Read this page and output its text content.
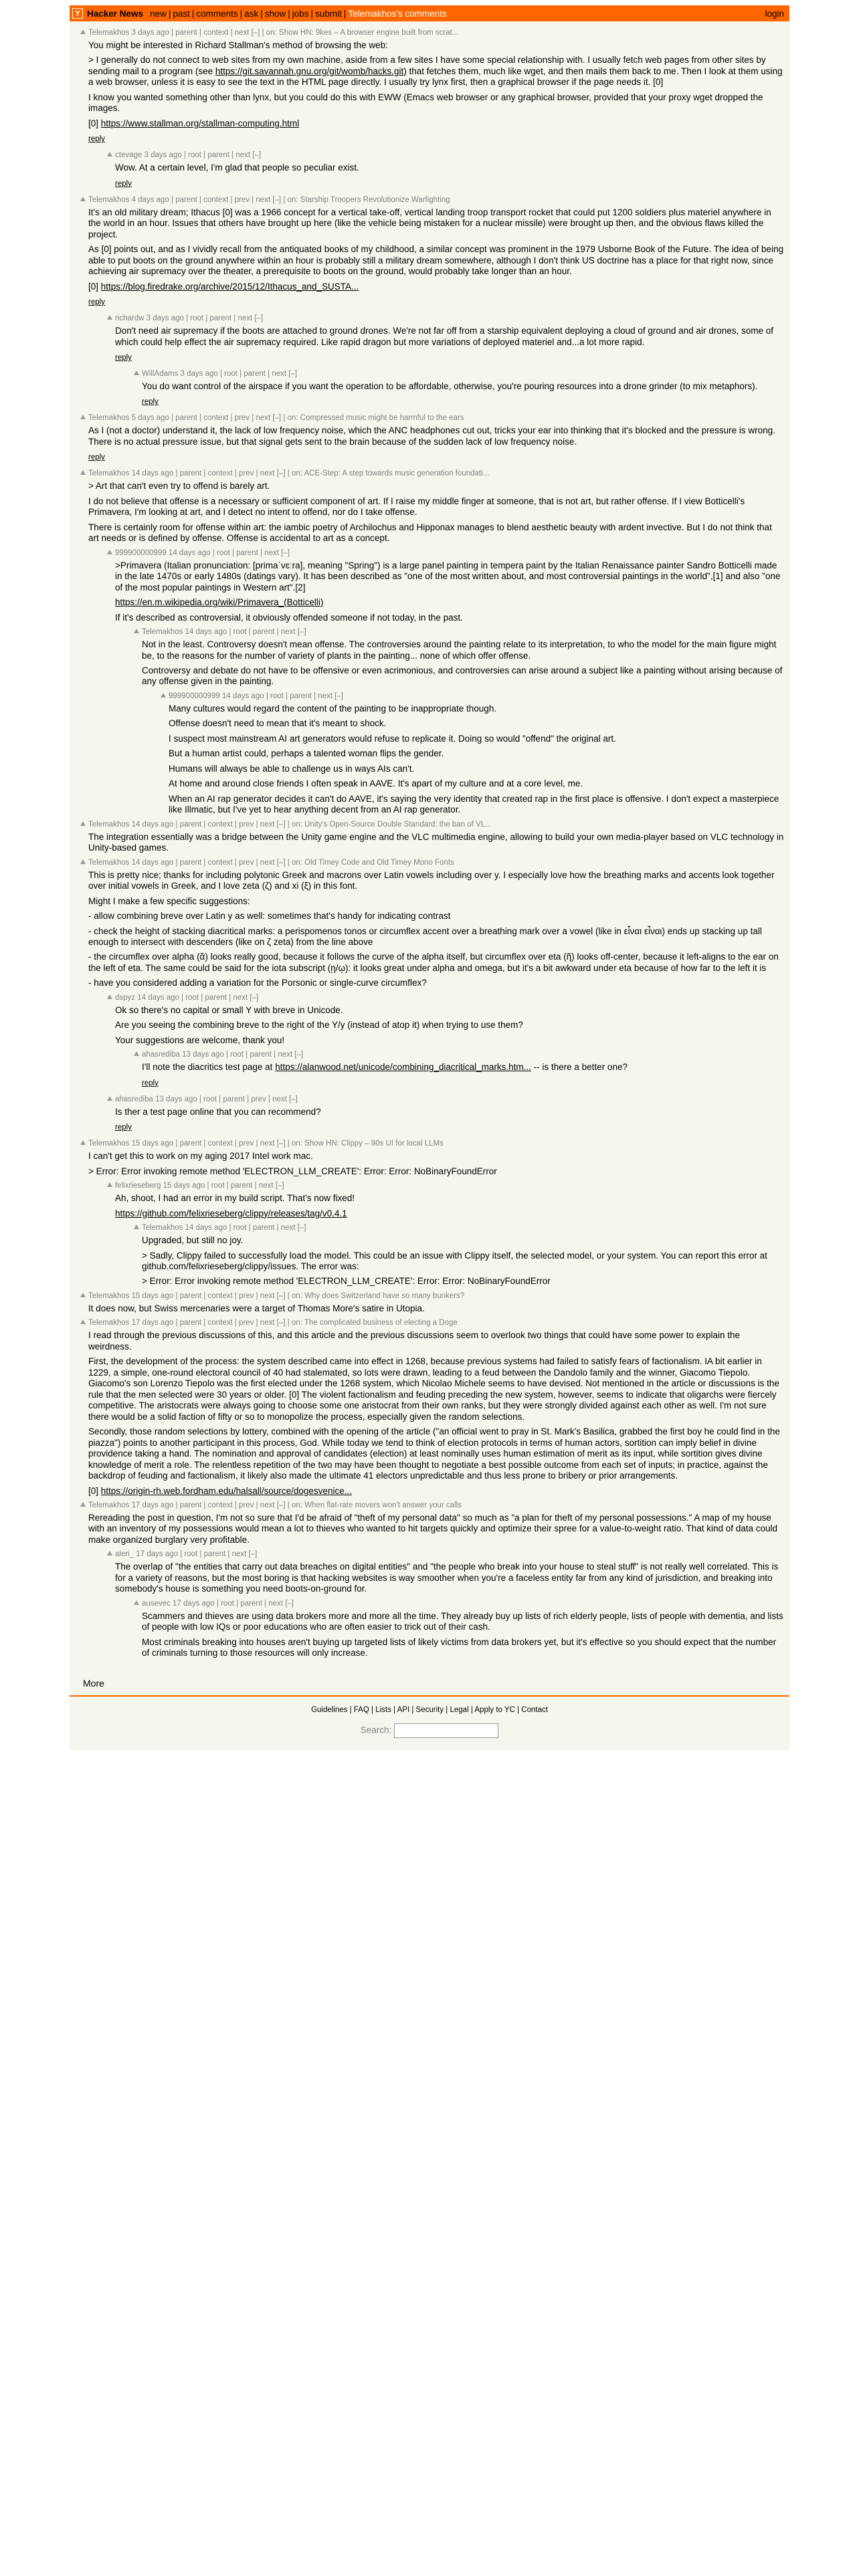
Y Hacker News new | past | comments | ask | show | jobs | submit | Telemakhos's comments	login
Telemakhos 3 days ago | parent | context | next [–] | on: Show HN: 9kes – A browser engine built from scrat...

You might be interested in Richard Stallman's method of browsing the web:

> I generally do not connect to web sites from my own machine, aside from a few sites I have some special relationship with. I usually fetch web pages from other sites by sending mail to a program (see https://git.savannah.gnu.org/git/womb/hacks.git) that fetches them, much like wget, and then mails them back to me. Then I look at them using a web browser, unless it is easy to see the text in the HTML page directly. I usually try lynx first, then a graphical browser if the page needs it. [0]

I know you wanted something other than lynx, but you could do this with EWW (Emacs web browser or any graphical browser, provided that your proxy wget dropped the images.

[0] https://www.stallman.org/stallman-computing.html

reply
ctevage 3 days ago | root | parent | next [–]

Wow. At a certain level, I'm glad that people so peculiar exist.

reply
Telemakhos 4 days ago | parent | context | prev | next [–] | on: Starship Troopers Revolutionize Warfighting

It's an old military dream; Ithacus [0] was a 1966 concept for a vertical take-off, vertical landing troop transport rocket that could put 1200 soldiers plus materiel anywhere in the world in an hour. Issues that others have brought up here (like the vehicle being mistaken for a nuclear missile) were brought up then, and the obvious flaws killed the project.

As [0] points out, and as I vividly recall from the antiquated books of my childhood, a similar concept was prominent in the 1979 Usborne Book of the Future. The idea of being able to put boots on the ground anywhere within an hour is probably still a military dream somewhere, although I don't think US doctrine has a place for that right now, since achieving air supremacy over the theater, a prerequisite to boots on the ground, would probably take longer than an hour.

[0] https://blog.firedrake.org/archive/2015/12/Ithacus_and_SUSTA...

reply
richardw 3 days ago | root | parent | next [–]

Don't need air supremacy if the boots are attached to ground drones. We're not far off from a starship equivalent deploying a cloud of ground and air drones, some of which could help effect the air supremacy required. Like rapid dragon but more variations of deployed materiel and...a lot more rapid.

reply
WillAdams 3 days ago | root | parent | next [–]

You do want control of the airspace if you want the operation to be affordable, otherwise, you're pouring resources into a drone grinder (to mix metaphors).

reply
Telemakhos 5 days ago | parent | context | prev | next [–] | on: Compressed music might be harmful to the ears

As I (not a doctor) understand it, the lack of low frequency noise, which the ANC headphones cut out, tricks your ear into thinking that it's blocked and the pressure is wrong. There is no actual pressure issue, but that signal gets sent to the brain because of the sudden lack of low frequency noise.

reply
Telemakhos 14 days ago | parent | context | prev | next [–] | on: ACE-Step: A step towards music generation foundati...

> Art that can't even try to offend is barely art.

I do not believe that offense is a necessary or sufficient component of art. If I raise my middle finger at someone, that is not art, but rather offense. If I view Botticelli's Primavera, I'm looking at art, and I detect no intent to offend, nor do I take offense.

There is certainly room for offense within art: the iambic poetry of Archilochus and Hipponax manages to blend aesthetic beauty with ardent invective. But I do not think that art needs or is defined by offense. Offense is accidental to art as a concept.

999900000999 14 days ago | root | parent | next [–]

>Primavera (Italian pronunciation: [primaˈvɛːra], meaning "Spring") is a large panel painting in tempera paint by the Italian Renaissance painter Sandro Botticelli made in the late 1470s or early 1480s (datings vary). It has been described as "one of the most written about, and most controversial paintings in the world",[1] and also "one of the most popular paintings in Western art".[2]

https://en.m.wikipedia.org/wiki/Primavera_(Botticelli)

If it's described as controversial, it obviously offended someone if not today, in the past.

Telemakhos 14 days ago | root | parent | next [–]

Not in the least. Controversy doesn't mean offense. The controversies around the painting relate to its interpretation, to who the model for the main figure might be, to the reasons for the number of variety of plants in the painting... none of which offer offense.

Controversy and debate do not have to be offensive or even acrimonious, and controversies can arise around a subject like a painting without arising because of any offense given in the painting.

999900000999 14 days ago | root | parent | next [–]

Many cultures would regard the content of the painting to be inappropriate though.

Offense doesn't need to mean that it's meant to shock.

I suspect most mainstream AI art generators would refuse to replicate it. Doing so would "offend" the original art.

But a human artist could, perhaps a talented woman flips the gender.

Humans will always be able to challenge us in ways AIs can't.

At home and around close friends I often speak in AAVE. It's apart of my culture and at a core level, me.

When an AI rap generator decides it can't do AAVE, it's saying the very identity that created rap in the first place is offensive. I don't expect a masterpiece like Illmatic, but I've yet to hear anything decent from an AI rap generator.

Telemakhos 14 days ago | parent | context | prev | next [–] | on: Unity's Open-Source Double Standard: the ban of VL...

The integration essentially was a bridge between the Unity game engine and the VLC multimedia engine, allowing to build your own media-player based on VLC technology in Unity-based games.

Telemakhos 14 days ago | parent | context | prev | next [–] | on: Old Timey Code and Old Timey Mono Fonts

This is pretty nice; thanks for including polytonic Greek and macrons over Latin vowels including over y. I especially love how the breathing marks and accents look together over initial vowels in Greek, and I love zeta (ζ) and xi (ξ) in this font.

Might I make a few specific suggestions:

- allow combining breve over Latin y as well: sometimes that's handy for indicating contrast

- check the height of stacking diacritical marks: a perispomenos tonos or circumflex accent over a breathing mark over a vowel (like in εἶναι εἶναι) ends up stacking up tall enough to intersect with descenders (like on ζ zeta) from the line above

- the circumflex over alpha (ᾶ) looks really good, because it follows the curve of the alpha itself, but circumflex over eta (ῆ) looks off-center, because it left-aligns to the ear on the left of eta. The same could be said for the iota subscript (ῃ/ῳ): it looks great under alpha and omega, but it's a bit awkward under eta because of how far to the left it is

- have you considered adding a variation for the Porsonic or single-curve circumflex?

dspyz 14 days ago | root | parent | next [–]

Ok so there's no capital or small Y with breve in Unicode.

Are you seeing the combining breve to the right of the Y/y (instead of atop it) when trying to use them?

Your suggestions are welcome, thank you!

ahasrediba 13 days ago | root | parent | next [–]

I'll note the diacritics test page at https://alanwood.net/unicode/combining_diacritical_marks.htm... -- is there a better one?

reply
ahasrediba 13 days ago | root | parent | prev | next [–]

Is ther a test page online that you can recommend?

reply
Telemakhos 15 days ago | parent | context | prev | next [–] | on: Show HN: Clippy – 90s UI for local LLMs

I can't get this to work on my aging 2017 Intel work mac.

> Error: Error invoking remote method 'ELECTRON_LLM_CREATE': Error: Error: NoBinaryFoundError

felixrieseberg 15 days ago | root | parent | next [–]

Ah, shoot, I had an error in my build script. That's now fixed!

https://github.com/felixrieseberg/clippy/releases/tag/v0.4.1

Telemakhos 14 days ago | root | parent | next [–]

Upgraded, but still no joy.

> Sadly, Clippy failed to successfully load the model. This could be an issue with Clippy itself, the selected model, or your system. You can report this error at github.com/felixrieseberg/clippy/issues. The error was:

> Error: Error invoking remote method 'ELECTRON_LLM_CREATE': Error: Error: NoBinaryFoundError

Telemakhos 15 days ago | parent | context | prev | next [–] | on: Why does Switzerland have so many bunkers?

It does now, but Swiss mercenaries were a target of Thomas More's satire in Utopia.

Telemakhos 17 days ago | parent | context | prev | next [–] | on: The complicated business of electing a Doge

I read through the previous discussions of this, and this article and the previous discussions seem to overlook two things that could have some power to explain the weirdness.

First, the development of the process: the system described came into effect in 1268, because previous systems had failed to satisfy fears of factionalism. IA bit earlier in 1229, a simple, one-round electoral council of 40 had stalemated, so lots were drawn, leading to a feud between the Dandolo family and the winner, Giacomo Tiepolo. Giacomo's son Lorenzo Tiepolo was the first elected under the 1268 system, which Nicolao Michele seems to have devised. Not mentioned in the article or discussions is the rule that the men selected were 30 years or older. [0] The violent factionalism and feuding preceding the new system, however, seems to indicate that oligarchs were fiercely competitive. The aristocrats were always going to choose some one aristocrat from their own ranks, but they were strongly divided against each other as well. I'm not sure there would be a solid faction of fifty or so to monopolize the process, especially given the random selections.

Secondly, those random selections by lottery, combined with the opening of the article ("an official went to pray in St. Mark's Basilica, grabbed the first boy he could find in the piazza") points to another participant in this process, God. While today we tend to think of election protocols in terms of human actors, sortition can imply belief in divine providence taking a hand. The nomination and approval of candidates (election) at least nominally uses human estimation of merit as its input, while sortition gives divine knowledge of merit a role. The relentless repetition of the two may have been thought to negotiate a best possible outcome from each set of inputs; in practice, against the backdrop of feuding and factionalism, it likely also made the ultimate 41 electors unpredictable and thus less prone to bribery or prior arrangements.

[0] https://origin-rh.web.fordham.edu/halsall/source/dogesvenice...

Telemakhos 17 days ago | parent | context | prev | next [–] | on: When flat-rate movers won't answer your calls

Rereading the post in question, I'm not so sure that I'd be afraid of "theft of my personal data" so much as "a plan for theft of my personal possessions." A map of my house with an inventory of my possessions would mean a lot to thieves who wanted to hit targets quickly and optimize their spree for a value-to-weight ratio. That kind of data could make organized burglary very profitable.

aleri_ 17 days ago | root | parent | next [–]

The overlap of "the entities that carry out data breaches on digital entities" and "the people who break into your house to steal stuff" is not really well correlated. This is for a variety of reasons, but the most boring is that hacking websites is way smoother when you're a faceless entity far from any kind of jurisdiction, and breaking into somebody's house is something you need boots-on-ground for.

ausevec 17 days ago | root | parent | next [–]

Scammers and thieves are using data brokers more and more all the time. They already buy up lists of rich elderly people, lists of people with dementia, and lists of people with low IQs or poor educations who are often easier to trick out of their cash.

Most criminals breaking into houses aren't buying up targeted lists of likely victims from data brokers yet, but it's effective so you should expect that the number of criminals turning to those resources will only increase.

More
Guidelines | FAQ | Lists | API | Security | Legal | Apply to YC | Contact
Search:
